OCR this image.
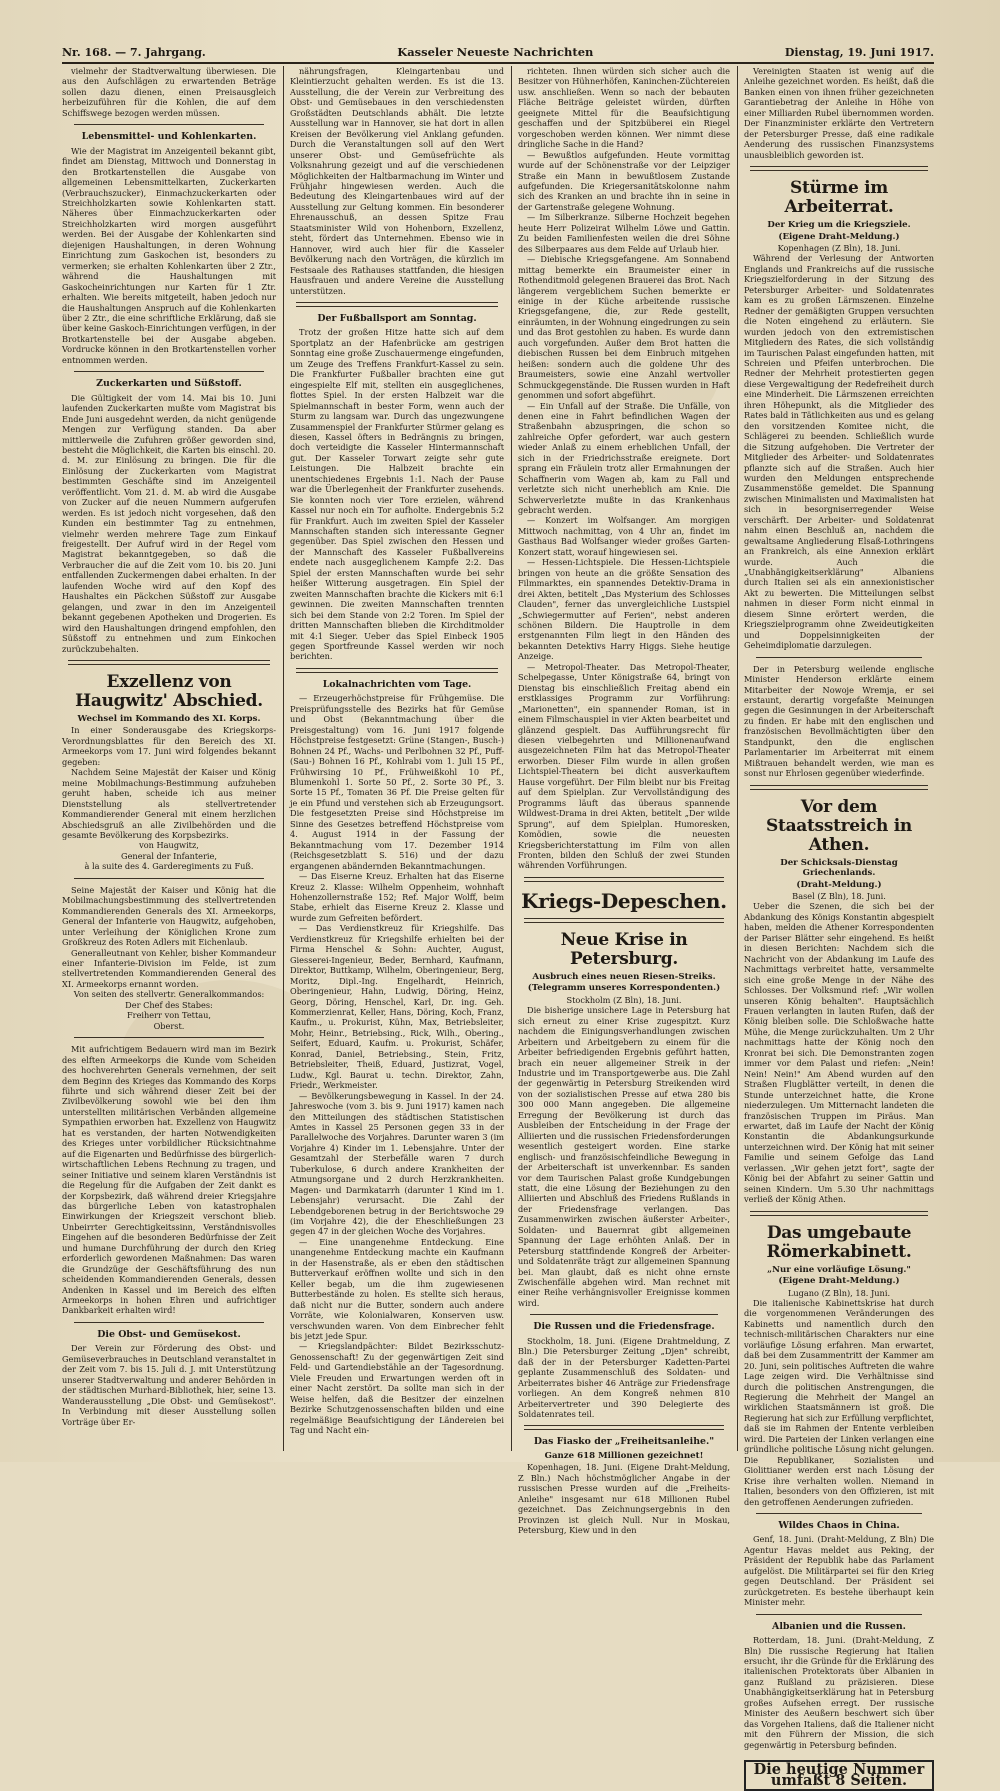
Nr. 168. — 7. Jahrgang.	Kasseler Neueste Nachrichten	Dienstag, 19. Juni 1917.

vielmehr der Stadtverwaltung überwiesen. Die aus den Aufschlägen zu erwartenden Beträge sollen dazu dienen, einen Preisausgleich herbeizuführen für die Kohlen, die auf dem Schiffswege bezogen werden müssen.

Lebensmittel- und Kohlenkarten.

Wie der Magistrat im Anzeigenteil bekannt gibt, findet am Dienstag, Mittwoch und Donnerstag in den Brotkartenstellen die Ausgabe von allgemeinen Lebensmittelkarten, Zuckerkarten (Verbrauchszucker), Einmachzuckerkarten oder Streichholzkarten sowie Kohlenkarten statt. Näheres über Einmachzuckerkarten oder Streichholzkarten wird morgen ausgeführt werden. Bei der Ausgabe der Kohlenkarten sind diejenigen Haushaltungen, in deren Wohnung Einrichtung zum Gaskochen ist, besonders zu vermerken; sie erhalten Kohlenkarten über 2 Ztr., während die Haushaltungen mit Gaskocheinrichtungen nur Karten für 1 Ztr. erhalten. Wie bereits mitgeteilt, haben jedoch nur die Haushaltungen Anspruch auf die Kohlenkarten über 2 Ztr., die eine schriftliche Erklärung, daß sie über keine Gaskoch-Einrichtungen verfügen, in der Brotkartenstelle bei der Ausgabe abgeben. Vordrucke können in den Brotkartenstellen vorher entnommen werden.

Zuckerkarten und Süßstoff.

Die Gültigkeit der vom 14. Mai bis 10. Juni laufenden Zuckerkarten mußte vom Magistrat bis Ende Juni ausgedehnt werden, da nicht genügende Mengen zur Verfügung standen. Da aber mittlerweile die Zufuhren größer geworden sind, besteht die Möglichkeit, die Karten bis einschl. 20. d. M. zur Einlösung zu bringen. Die für die Einlösung der Zuckerkarten vom Magistrat bestimmten Geschäfte sind im Anzeigenteil veröffentlicht. Vom 21. d. M. ab wird die Ausgabe von Zucker auf die neuen Nummern aufgerufen werden. Es ist jedoch nicht vorgesehen, daß den Kunden ein bestimmter Tag zu entnehmen, vielmehr werden mehrere Tage zum Einkauf freigestellt. Der Aufruf wird in der Regel vom Magistrat bekanntgegeben, so daß die Verbraucher die auf die Zeit vom 10. bis 20. Juni entfallenden Zuckermengen dabei erhalten. In der laufenden Woche wird auf den Kopf des Haushaltes ein Päckchen Süßstoff zur Ausgabe gelangen, und zwar in den im Anzeigenteil bekannt gegebenen Apotheken und Drogerien. Es wird den Haushaltungen dringend empfohlen, den Süßstoff zu entnehmen und zum Einkochen zurückzubehalten.

Exzellenz von Haugwitz' Abschied.
Wechsel im Kommando des XI. Korps.

In einer Sonderausgabe des Kriegskorps-Verordnungsblattes für den Bereich des XI. Armeekorps vom 17. Juni wird folgendes bekannt gegeben:

Nachdem Seine Majestät der Kaiser und König meine Mobilmachungs-Bestimmung aufzuheben geruht haben, scheide ich aus meiner Dienststellung als stellvertretender Kommandierender General mit einem herzlichen Abschiedsgruß an alle Zivilbehörden und die gesamte Bevölkerung des Korpsbezirks.

von Haugwitz,
General der Infanterie,
à la suite des 4. Garderegiments zu Fuß.

Seine Majestät der Kaiser und König hat die Mobilmachungsbestimmung des stellvertretenden Kommandierenden Generals des XI. Armeekorps, General der Infanterie von Haugwitz, aufgehoben, unter Verleihung der Königlichen Krone zum Großkreuz des Roten Adlers mit Eichenlaub.

Generalleutnant von Kehler, bisher Kommandeur einer Infanterie-Division im Felde, ist zum stellvertretenden Kommandierenden General des XI. Armeekorps ernannt worden.

Von seiten des stellvertr. Generalkommandos:
Der Chef des Stabes:
Freiherr von Tettau,
Oberst.

Mit aufrichtigem Bedauern wird man im Bezirk des elften Armeekorps die Kunde vom Scheiden des hochverehrten Generals vernehmen, der seit dem Beginn des Krieges das Kommando des Korps führte und sich während dieser Zeit bei der Zivilbevölkerung sowohl wie bei den ihm unterstellten militärischen Verbänden allgemeine Sympathien erworben hat. Exzellenz von Haugwitz hat es verstanden, der harten Notwendigkeiten des Krieges unter vorbildlicher Rücksichtnahme auf die Eigenarten und Bedürfnisse des bürgerlich-wirtschaftlichen Lebens Rechnung zu tragen, und seiner Initiative und seinem klaren Verständnis ist die Regelung für die Aufgaben der Zeit dankt es der Korpsbezirk, daß während dreier Kriegsjahre das bürgerliche Leben von katastrophalen Einwirkungen der Kriegszeit verschont blieb. Unbeirrter Gerechtigkeitssinn, Verständnisvolles Eingehen auf die besonderen Bedürfnisse der Zeit und humane Durchführung der durch den Krieg erforderlich gewordenen Maßnahmen: Das waren die Grundzüge der Geschäftsführung des nun scheidenden Kommandierenden Generals, dessen Andenken in Kassel und im Bereich des elften Armeekorps in hohen Ehren und aufrichtiger Dankbarkeit erhalten wird!

Die Obst- und Gemüsekost.

Der Verein zur Förderung des Obst- und Gemüseverbrauches in Deutschland veranstaltet in der Zeit vom 7. bis 15. Juli d. J. mit Unterstützung unserer Stadtverwaltung und anderer Behörden in der städtischen Murhard-Bibliothek, hier, seine 13. Wanderausstellung „Die Obst- und Gemüsekost". In Verbindung mit dieser Ausstellung sollen Vorträge über Er-

nährungsfragen, Kleingartenbau und Kleintierzucht gehalten werden. Es ist die 13. Ausstellung, die der Verein zur Verbreitung des Obst- und Gemüsebaues in den verschiedensten Großstädten Deutschlands abhält. Die letzte Ausstellung war in Hannover, sie hat dort in allen Kreisen der Bevölkerung viel Anklang gefunden. Durch die Veranstaltungen soll auf den Wert unserer Obst- und Gemüsefrüchte als Volksnahrung gezeigt und auf die verschiedenen Möglichkeiten der Haltbarmachung im Winter und Frühjahr hingewiesen werden. Auch die Bedeutung des Kleingartenbaues wird auf der Ausstellung zur Geltung kommen. Ein besonderer Ehrenausschuß, an dessen Spitze Frau Staatsminister Wild von Hohenborn, Exzellenz, steht, fördert das Unternehmen. Ebenso wie in Hannover, wird auch hier für die Kasseler Bevölkerung nach den Vorträgen, die kürzlich im Festsaale des Rathauses stattfanden, die hiesigen Hausfrauen und andere Vereine die Ausstellung unterstützen.

Der Fußballsport am Sonntag.

Trotz der großen Hitze hatte sich auf dem Sportplatz an der Hafenbrücke am gestrigen Sonntag eine große Zuschauermenge eingefunden, um Zeuge des Treffens Frankfurt-Kassel zu sein. Die Frankfurter Fußballer brachten eine gut eingespielte Elf mit, stellten ein ausgeglichenes, flottes Spiel. In der ersten Halbzeit war die Spielmannschaft in bester Form, wenn auch der Sturm zu langsam war. Durch das ungezwungene Zusammenspiel der Frankfurter Stürmer gelang es diesen, Kassel öfters in Bedrängnis zu bringen, doch verteidigte die Kasseler Hintermannschaft gut. Der Kasseler Torwart zeigte sehr gute Leistungen. Die Halbzeit brachte ein unentschiedenes Ergebnis 1:1. Nach der Pause war die Überlegenheit der Frankfurter zusehends. Sie konnten noch vier Tore erzielen, während Kassel nur noch ein Tor aufholte. Endergebnis 5:2 für Frankfurt. Auch im zweiten Spiel der Kasseler Mannschaften standen sich interessante Gegner gegenüber. Das Spiel zwischen den Hessen und der Mannschaft des Kasseler Fußballvereins endete nach ausgeglichenem Kampfe 2:2. Das Spiel der ersten Mannschaften wurde bei sehr heißer Witterung ausgetragen. Ein Spiel der zweiten Mannschaften brachte die Kickers mit 6:1 gewinnen. Die zweiten Mannschaften trennten sich bei dem Stande von 2:2 Toren. Im Spiel der dritten Mannschaften blieben die Kirchditmolder mit 4:1 Sieger. Ueber das Spiel Einbeck 1905 gegen Sportfreunde Kassel werden wir noch berichten.

Lokalnachrichten vom Tage.

— Erzeugerhöchstpreise für Frühgemüse. Die Preisprüfungsstelle des Bezirks hat für Gemüse und Obst (Bekanntmachung über die Preisgestaltung) vom 16. Juni 1917 folgende Höchstpreise festgesetzt: Grüne (Stangen-, Busch-) Bohnen 24 Pf., Wachs- und Perlbohnen 32 Pf., Puff- (Sau-) Bohnen 16 Pf., Kohlrabi vom 1. Juli 15 Pf., Frühwirsing 10 Pf., Frühweißkohl 10 Pf., Blumenkohl 1. Sorte 50 Pf., 2. Sorte 30 Pf., 3. Sorte 15 Pf., Tomaten 36 Pf. Die Preise gelten für je ein Pfund und verstehen sich ab Erzeugungsort. Die festgesetzten Preise sind Höchstpreise im Sinne des Gesetzes betreffend Höchstpreise vom 4. August 1914 in der Fassung der Bekanntmachung vom 17. Dezember 1914 (Reichsgesetzblatt S. 516) und der dazu ergangenen abändernden Bekanntmachungen.

— Das Eiserne Kreuz. Erhalten hat das Eiserne Kreuz 2. Klasse: Wilhelm Oppenheim, wohnhaft Hohenzollernstraße 152; Ref. Major Wolff, beim Stabe, erhielt das Eiserne Kreuz 2. Klasse und wurde zum Gefreiten befördert.

— Das Verdienstkreuz für Kriegshilfe. Das Verdienstkreuz für Kriegshilfe erhielten bei der Firma Henschel & Sohn: Auchter, August, Giesserei-Ingenieur, Beder, Bernhard, Kaufmann, Direktor, Buttkamp, Wilhelm, Oberingenieur, Berg, Moritz, Dipl.-Ing. Engelhardt, Heinrich, Oberingenieur, Hahn, Ludwig, Döring, Heinz, Georg, Döring, Henschel, Karl, Dr. ing. Geh. Kommerzienrat, Keller, Hans, Döring, Koch, Franz, Kaufm., u. Prokurist, Kühn, Max, Betriebsleiter, Mohr, Heinr., Betriebsing., Rick, Wilh., Obering., Seifert, Eduard, Kaufm. u. Prokurist, Schäfer, Konrad, Daniel, Betriebsing., Stein, Fritz, Betriebsleiter, Theiß, Eduard, Justizrat, Vogel, Ludw., Kgl. Baurat u. techn. Direktor, Zahn, Friedr., Werkmeister.

— Bevölkerungsbewegung in Kassel. In der 24. Jahreswoche (vom 3. bis 9. Juni 1917) kamen nach den Mitteilungen des städtischen Statistischen Amtes in Kassel 25 Personen gegen 33 in der Parallelwoche des Vorjahres. Darunter waren 3 (im Vorjahre 4) Kinder im 1. Lebensjahre. Unter der Gesamtzahl der Sterbefälle waren 7 durch Tuberkulose, 6 durch andere Krankheiten der Atmungsorgane und 2 durch Herzkrankheiten. Magen- und Darmkatarrh (darunter 1 Kind im 1. Lebensjahr) verursacht. Die Zahl der Lebendgeborenen betrug in der Berichtswoche 29 (im Vorjahre 42), die der Eheschließungen 23 gegen 47 in der gleichen Woche des Vorjahres.

— Eine unangenehme Entdeckung. Eine unangenehme Entdeckung machte ein Kaufmann in der Hasenstraße, als er eben den städtischen Butterverkauf eröffnen wollte und sich in den Keller begab, um die ihm zugewiesenen Butterbestände zu holen. Es stellte sich heraus, daß nicht nur die Butter, sondern auch andere Vorräte, wie Kolonialwaren, Konserven usw. verschwunden waren. Von dem Einbrecher fehlt bis jetzt jede Spur.

— Kriegslandpächter: Bildet Bezirksschutz-Genossenschaft! Zu der gegenwärtigen Zeit sind Feld- und Gartendiebstähle an der Tagesordnung. Viele Freuden und Erwartungen werden oft in einer Nacht zerstört. Da sollte man sich in der Weise helfen, daß die Besitzer der einzelnen Bezirke Schutzgenossenschaften bilden und eine regelmäßige Beaufsichtigung der Ländereien bei Tag und Nacht ein-

richteten. Ihnen würden sich sicher auch die Besitzer von Hühnerhöfen, Kaninchen-Züchtereien usw. anschließen. Wenn so nach der bebauten Fläche Beiträge geleistet würden, dürften geeignete Mittel für die Beaufsichtigung geschaffen und der Spitzbüberei ein Riegel vorgeschoben werden können. Wer nimmt diese dringliche Sache in die Hand?

— Bewußtlos aufgefunden. Heute vormittag wurde auf der Schönenstraße vor der Leipziger Straße ein Mann in bewußtlosem Zustande aufgefunden. Die Kriegersanitätskolonne nahm sich des Kranken an und brachte ihn in seine in der Gartenstraße gelegene Wohnung.

— Im Silberkranze. Silberne Hochzeit begehen heute Herr Polizeirat Wilhelm Löwe und Gattin. Zu beiden Familienfesten weilen die drei Söhne des Silberpaares aus dem Felde auf Urlaub hier.

— Diebische Kriegsgefangene. Am Sonnabend mittag bemerkte ein Braumeister einer in Rothenditmold gelegenen Brauerei das Brot. Nach längerem vergeblichem Suchen bemerkte er einige in der Küche arbeitende russische Kriegsgefangene, die, zur Rede gestellt, einräumten, in der Wohnung eingedrungen zu sein und das Brot gestohlen zu haben. Es wurde dann auch vorgefunden. Außer dem Brot hatten die diebischen Russen bei dem Einbruch mitgehen heißen: sondern auch die goldene Uhr des Braumeisters, sowie eine Anzahl wertvoller Schmuckgegenstände. Die Russen wurden in Haft genommen und sofort abgeführt.

— Ein Unfall auf der Straße. Die Unfälle, von denen eine in Fahrt befindlichen Wagen der Straßenbahn abzuspringen, die schon so zahlreiche Opfer gefordert, war auch gestern wieder Anlaß zu einem erheblichen Unfall, der sich in der Friedrichsstraße ereignete. Dort sprang ein Fräulein trotz aller Ermahnungen der Schaffnerin vom Wagen ab, kam zu Fall und verletzte sich nicht unerheblich am Knie. Die Schwerverletzte mußte in das Krankenhaus gebracht werden.

— Konzert im Wolfsanger. Am morgigen Mittwoch nachmittag, von 4 Uhr an, findet im Gasthaus Bad Wolfsanger wieder großes Garten-Konzert statt, worauf hingewiesen sei.

— Hessen-Lichtspiele. Die Hessen-Lichtspiele bringen von heute an die größte Sensation des Filmmarktes, ein spannendes Detektiv-Drama in drei Akten, betitelt „Das Mysterium des Schlosses Clauden", ferner das unvergleichliche Lustspiel „Schwiegermutter auf Ferien", nebst anderen schönen Bildern. Die Hauptrolle in dem erstgenannten Film liegt in den Händen des bekannten Detektivs Harry Higgs. Siehe heutige Anzeige.

— Metropol-Theater. Das Metropol-Theater, Schelpegasse, Unter Königstraße 64, bringt von Dienstag bis einschließlich Freitag abend ein erstklassiges Programm zur Vorführung: „Marionetten", ein spannender Roman, ist in einem Filmschauspiel in vier Akten bearbeitet und glänzend gespielt. Das Aufführungsrecht für diesen vielbegehrten und Millionenaufwand ausgezeichneten Film hat das Metropol-Theater erworben. Dieser Film wurde in allen großen Lichtspiel-Theatern bei dicht ausverkauftem Hause vorgeführt. Der Film bleibt nur bis Freitag auf dem Spielplan. Zur Vervollständigung des Programms läuft das überaus spannende Wildwest-Drama in drei Akten, betitelt „Der wilde Sprung", auf dem Spielplan. Humoresken, Komödien, sowie die neuesten Kriegsberichterstattung im Film von allen Fronten, bilden den Schluß der zwei Stunden währenden Vorführungen.

Kriegs-Depeschen.
Neue Krise in Petersburg.
Ausbruch eines neuen Riesen-Streiks.
(Telegramm unseres Korrespondenten.)
Stockholm (Z Bln), 18. Juni.

Die bisherige unsichere Lage in Petersburg hat sich erneut zu einer Krise zugespitzt. Kurz nachdem die Einigungsverhandlungen zwischen Arbeitern und Arbeitgebern zu einem für die Arbeiter befriedigenden Ergebnis geführt hatten, brach ein neuer allgemeiner Streik in der Industrie und im Transportgewerbe aus. Die Zahl der gegenwärtig in Petersburg Streikenden wird von der sozialistischen Presse auf etwa 280 bis 300 000 Mann angegeben. Die allgemeine Erregung der Bevölkerung ist durch das Ausbleiben der Entscheidung in der Frage der Alliierten und die russischen Friedensforderungen wesentlich gesteigert worden. Eine starke englisch- und französischfeindliche Bewegung in der Arbeiterschaft ist unverkennbar. Es sanden vor dem Taurischen Palast große Kundgebungen statt, die eine Lösung der Beziehungen zu den Alliierten und Abschluß des Friedens Rußlands in der Friedensfrage verlangen. Das Zusammenwirken zwischen äußerster Arbeiter-, Soldaten- und Bauernrat gibt allgemeinen Spannung der Lage erhöhten Anlaß. Der in Petersburg stattfindende Kongreß der Arbeiter- und Soldatenräte trägt zur allgemeinen Spannung bei. Man glaubt, daß es nicht ohne ernste Zwischenfälle abgehen wird. Man rechnet mit einer Reihe verhängnisvoller Ereignisse kommen wird.

Die Russen und die Friedensfrage.

Stockholm, 18. Juni. (Eigene Drahtmeldung, Z Bln.) Die Petersburger Zeitung „Djen" schreibt, daß der in der Petersburger Kadetten-Partei geplante Zusammenschluß des Soldaten- und Arbeiterrates bisher 46 Anträge zur Friedensfrage vorliegen. An dem Kongreß nehmen 810 Arbeitervertreter und 390 Delegierte des Soldatenrates teil.

Das Fiasko der „Freiheitsanleihe."
Ganze 618 Millionen gezeichnet!

Kopenhagen, 18. Juni. (Eigene Draht-Meldung, Z Bln.) Nach höchstmöglicher Angabe in der russischen Presse wurden auf die „Freiheits-Anleihe" insgesamt nur 618 Millionen Rubel gezeichnet. Das Zeichnungsergebnis in den Provinzen ist gleich Null. Nur in Moskau, Petersburg, Kiew und in den

Vereinigten Staaten ist wenig auf die Anleihe gezeichnet worden. Es heißt, daß die Banken einen von ihnen früher gezeichneten Garantiebetrag der Anleihe in Höhe von einer Milliarden Rubel übernommen worden. Der Finanzminister erklärte den Vertretern der Petersburger Presse, daß eine radikale Aenderung des russischen Finanzsystems unausbleiblich geworden ist.

Stürme im Arbeiterrat.
Der Krieg um die Kriegsziele.
(Eigene Draht-Meldung.)
Kopenhagen (Z Bln), 18. Juni.

Während der Verlesung der Antworten Englands und Frankreichs auf die russische Kriegszielforderung in der Sitzung des Petersburger Arbeiter- und Soldatenrates kam es zu großen Lärmszenen. Einzelne Redner der gemäßigten Gruppen versuchten die Noten eingehend zu erläutern. Sie wurden jedoch von den extremistischen Mitgliedern des Rates, die sich vollständig im Taurischen Palast eingefunden hatten, mit Schreien und Pfeifen unterbrochen. Die Redner der Mehrheit protestierten gegen diese Vergewaltigung der Redefreiheit durch eine Minderheit. Die Lärmszenen erreichten ihren Höhepunkt, als die Mitglieder des Rates bald in Tätlichkeiten aus und es gelang den vorsitzenden Komitee nicht, die Schlägerei zu beenden. Schließlich wurde die Sitzung aufgehoben. Die Vertreter der Mitglieder des Arbeiter- und Soldatenrates pflanzte sich auf die Straßen. Auch hier wurden den Meldungen entsprechende Zusammenstöße gemeldet. Die Spannung zwischen Minimalisten und Maximalisten hat sich in besorgniserregender Weise verschärft. Der Arbeiter- und Soldatenrat nahm einen Beschluß an, nachdem die gewaltsame Angliederung Elsaß-Lothringens an Frankreich, als eine Annexion erklärt wurde. Auch die „Unabhängigkeitserklärung" Albaniens durch Italien sei als ein annexionistischer Akt zu bewerten. Die Mitteilungen selbst nahmen in dieser Form nicht einmal in diesem Sinne erörtert werden, die Kriegszielprogramm ohne Zweideutigkeiten und Doppelsinnigkeiten der Geheimdiplomatie darzulegen.

Der in Petersburg weilende englische Minister Henderson erklärte einem Mitarbeiter der Nowoje Wremja, er sei erstaunt, derartig vorgefaßte Meinungen gegen die Gesinnungen in der Arbeiterschaft zu finden. Er habe mit den englischen und französischen Bevollmächtigten über den Standpunkt, den die englischen Parlamentarier im Arbeiterrat mit einem Mißtrauen behandelt werden, wie man es sonst nur Ehrlosen gegenüber wiederfinde.

Vor dem Staatsstreich in Athen.
Der Schicksals-Dienstag Griechenlands.
(Draht-Meldung.)
Basel (Z Bln), 18. Juni.

Ueber die Szenen, die sich bei der Abdankung des Königs Konstantin abgespielt haben, melden die Athener Korrespondenten der Pariser Blätter sehr eingehend. Es heißt in diesen Berichten: Nachdem sich die Nachricht von der Abdankung im Laufe des Nachmittags verbreitet hatte, versammelte sich eine große Menge in der Nähe des Schlosses. Der Volksmund rief: „Wir wollen unseren König behalten". Hauptsächlich Frauen verlangten in lauten Rufen, daß der König bleiben solle. Die Schloßwache hatte Mühe, die Menge zurückzuhalten. Um 2 Uhr nachmittags hatte der König noch den Kronrat bei sich. Die Demonstranten zogen immer vor dem Palast und riefen: „Nein! Nein! Nein!" Am Abend wurden auf den Straßen Flugblätter verteilt, in denen die Stunde unterzeichnet hatte, die Krone niederzulegen. Um Mitternacht landeten die französischen Truppen im Piräus. Man erwartet, daß im Laufe der Nacht der König Konstantin die Abdankungsurkunde unterzeichnen wird. Der König hat mit seiner Familie und seinem Gefolge das Land verlassen. „Wir gehen jetzt fort", sagte der König bei der Abfahrt zu seiner Gattin und seinen Kindern. Um 5.30 Uhr nachmittags verließ der König Athen.

Das umgebaute Römerkabinett.
„Nur eine vorläufige Lösung."
(Eigene Draht-Meldung.)
Lugano (Z Bln), 18. Juni.

Die italienische Kabinettskrise hat durch die vorgenommenen Veränderungen des Kabinetts und namentlich durch den technisch-militärischen Charakters nur eine vorläufige Lösung erfahren. Man erwartet, daß bei dem Zusammentritt der Kammer am 20. Juni, sein politisches Auftreten die wahre Lage zeigen wird. Die Verhältnisse sind durch die politischen Anstrengungen, die Regierung die Mehrheit der Mangel an wirklichen Staatsmännern ist groß. Die Regierung hat sich zur Erfüllung verpflichtet, daß sie im Rahmen der Entente verbleiben wird. Die Parteien der Linken verlangen eine gründliche politische Lösung nicht gelungen. Die Republikaner, Sozialisten und Giolittianer werden erst nach Lösung der Krise ihre verhalten wollen. Niemand in Italien, besonders von den Offizieren, ist mit den getroffenen Aenderungen zufrieden.

Wildes Chaos in China.

Genf, 18. Juni. (Draht-Meldung, Z Bln) Die Agentur Havas meldet aus Peking, der Präsident der Republik habe das Parlament aufgelöst. Die Militärpartei sei für den Krieg gegen Deutschland. Der Präsident sei zurückgetreten. Es bestehe überhaupt kein Minister mehr.

Albanien und die Russen.

Rotterdam, 18. Juni. (Draht-Meldung, Z Bln) Die russische Regierung hat Italien ersucht, ihr die Gründe für die Erklärung des italienischen Protektorats über Albanien in ganz Rußland zu präzisieren. Diese Unabhängigkeitserklärung hat in Petersburg großes Aufsehen erregt. Der russische Minister des Aeußern beschwert sich über das Vorgehen Italiens, daß die Italiener nicht mit den Führern der Mission, die sich gegenwärtig in Petersburg befinden.

Die heutige Nummer umfaßt 8 Seiten.
